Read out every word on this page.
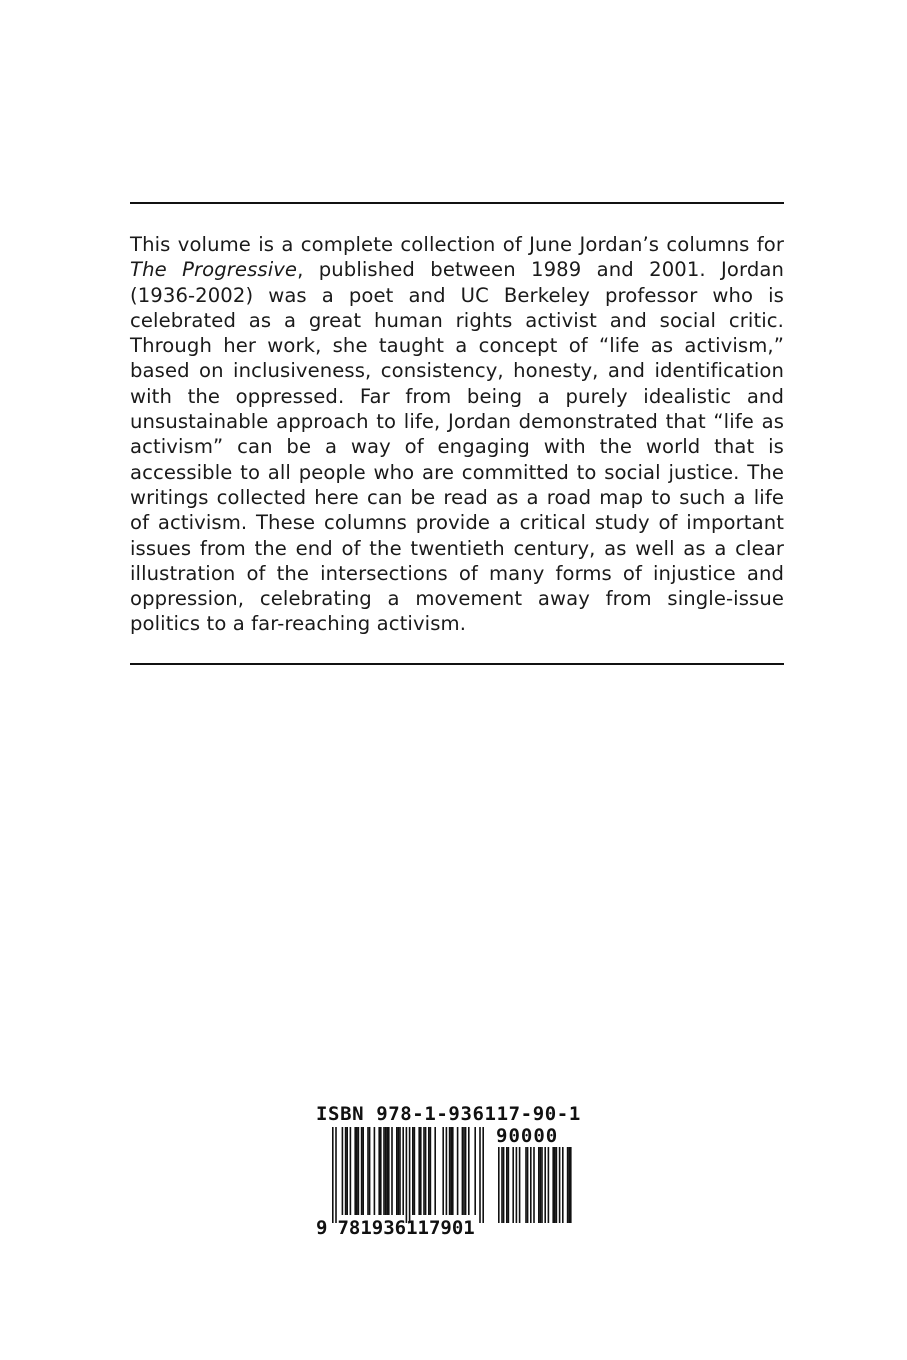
This volume is a complete collection of June Jordan’s columns for The Progressive, published between 1989 and 2001. Jordan (1936-2002) was a poet and UC Berkeley professor who is celebrated as a great human rights activist and social critic. Through her work, she taught a concept of “life as activism,” based on inclusiveness, consistency, honesty, and identification with the oppressed. Far from being a purely idealistic and unsustainable approach to life, Jordan demonstrated that “life as activism” can be a way of engaging with the world that is accessible to all people who are committed to social justice. The writings collected here can be read as a road map to such a life of activism. These columns provide a critical study of important issues from the end of the twentieth century, as well as a clear illustration of the intersections of many forms of injustice and oppression, celebrating a movement away from single-issue politics to a far-reaching activism.

ISBN 978-1-936117-90-1
90000
9 781936117901
